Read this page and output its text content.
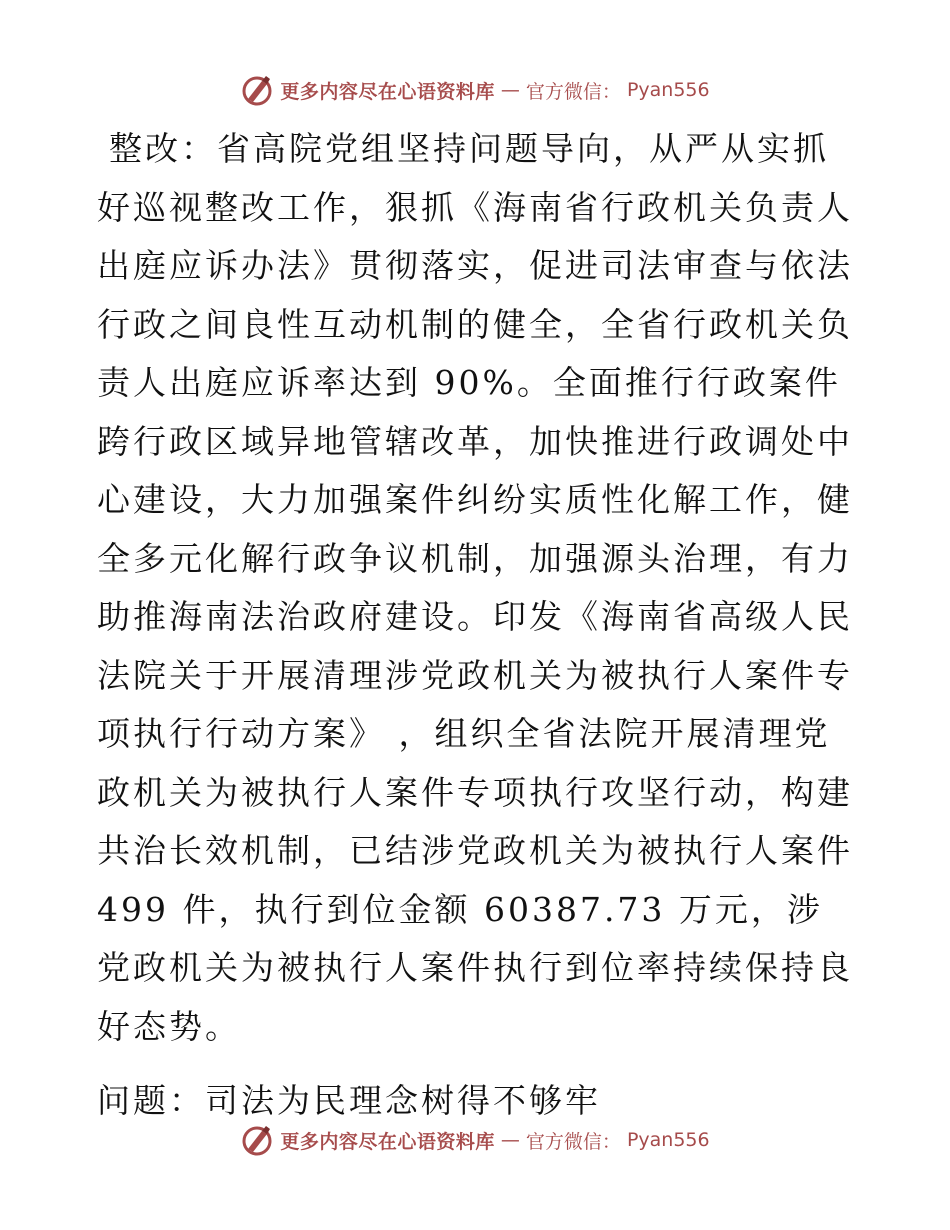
更多内容尽在心语资料库 — 官方微信： Pyan556

整改：省高院党组坚持问题导向，从严从实抓好巡视整改工作，狠抓《海南省行政机关负责人出庭应诉办法》贯彻落实，促进司法审查与依法行政之间良性互动机制的健全，全省行政机关负责人出庭应诉率达到 90%。全面推行行政案件跨行政区域异地管辖改革，加快推进行政调处中心建设，大力加强案件纠纷实质性化解工作，健全多元化解行政争议机制，加强源头治理，有力助推海南法治政府建设。印发《海南省高级人民法院关于开展清理涉党政机关为被执行人案件专项执行行动方案》 ，组织全省法院开展清理党政机关为被执行人案件专项执行攻坚行动，构建共治长效机制，已结涉党政机关为被执行人案件 499 件，执行到位金额 60387.73 万元，涉党政机关为被执行人案件执行到位率持续保持良好态势。

问题：司法为民理念树得不够牢

更多内容尽在心语资料库 — 官方微信： Pyan556
